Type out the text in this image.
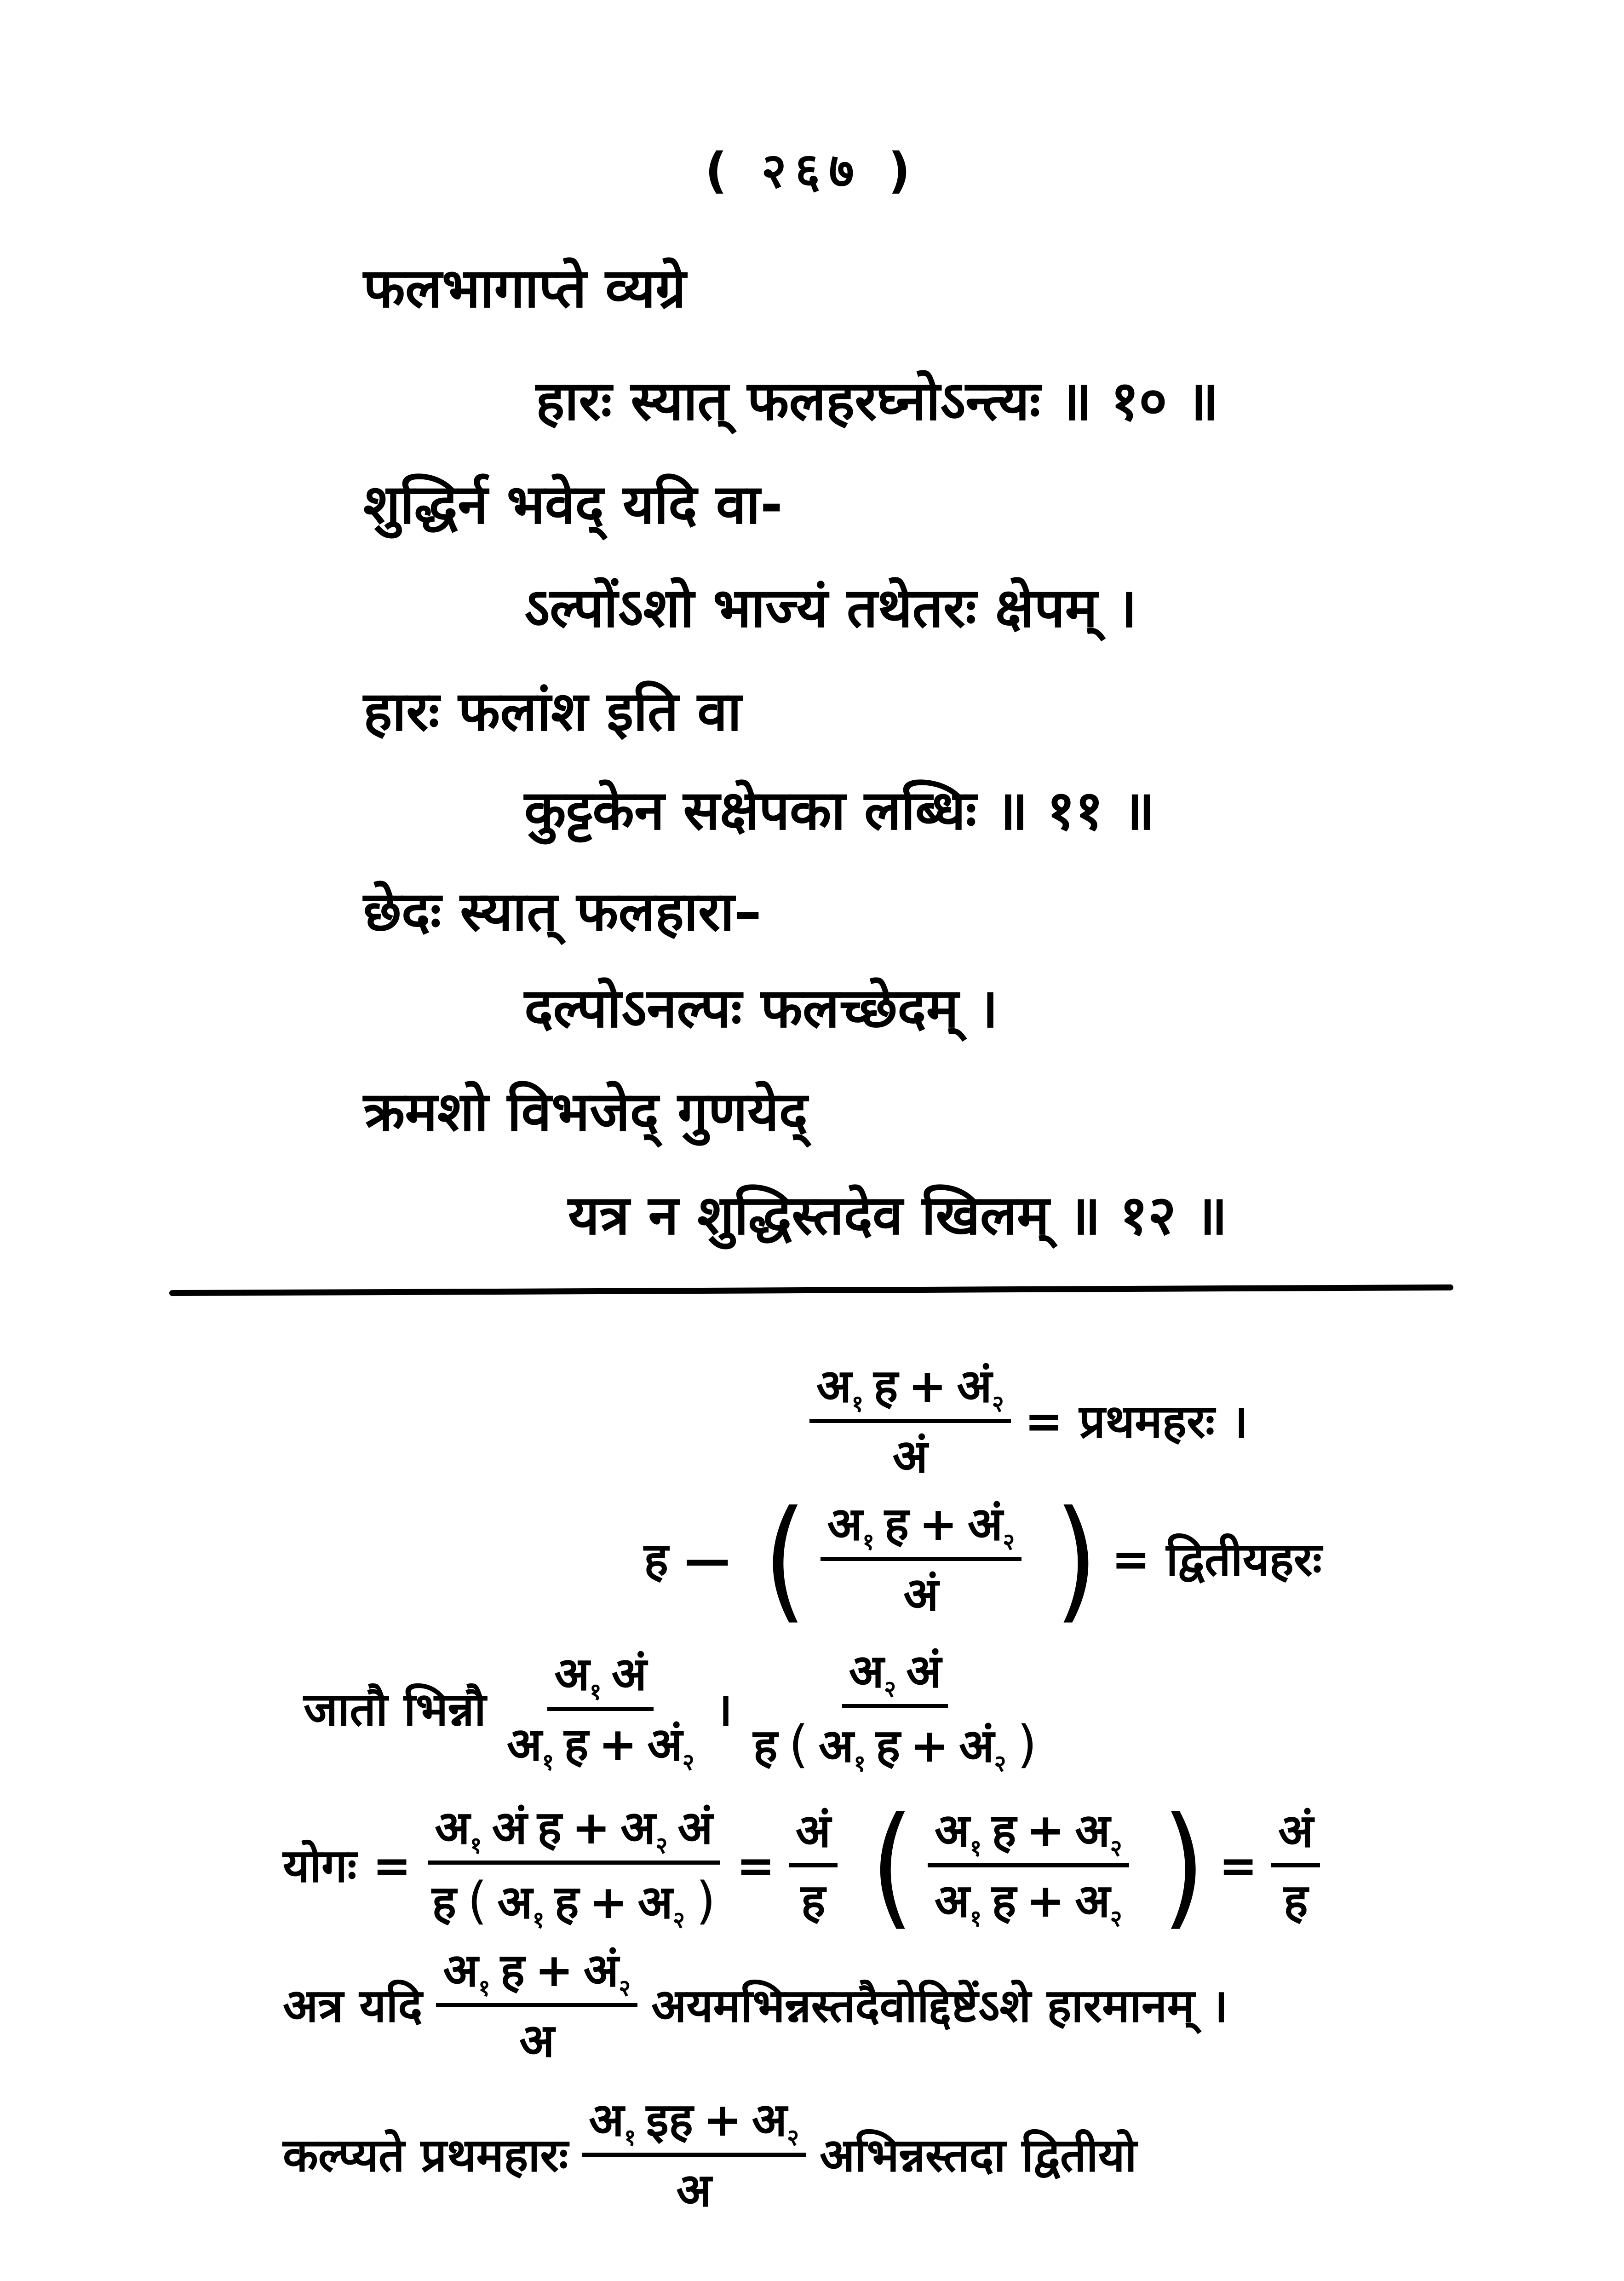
( २६७ )
फलभागाप्ते व्यग्रे
हारः स्यात् फलहरघ्नोऽन्त्यः ॥ १० ॥
शुद्धिर्न भवेद् यदि वा-
ऽल्पोंऽशो भाज्यं तथेतरः क्षेपम् ।
हारः फलांश इति वा
कुट्टकेन सक्षेपका लब्धिः ॥ ११ ॥
छेदः स्यात् फलहारा–
दल्पोऽनल्पः फलच्छेदम् ।
क्रमशो विभजेद् गुणयेद्
यत्र न शुद्धिस्तदेव खिलम् ॥ १२ ॥
$\frac{अ_१ ह + अं_२}{\text{अं}}$ = प्रथमहरः ।
ह — ( $\frac{अ_१ ह + अं_२}{\text{अं}}$ ) = द्वितीयहरः
जातौ भिन्नौ $\frac{अ_१ अं}{अ_१ ह + अं_२}$ ।
अ$_२$ अं
ह ( अ$_१$ ह + $अं_२$ )
योगः =
अ$_१$ अं ह + अ$_२$ अं
ह ( अ$_१$ ह + अ$_२$ )
= $\frac{\text{अं}}{\text{ह}}$ ( $\frac{अ_१ ह + अ_२}{अ_१ ह + अ_२}$ ) = $\frac{\text{अं}}{\text{ह}}$
अत्र यदि $\frac{अ_१ ह + अं_२}{\text{अ}}$ अयमभिन्नस्तदैवोद्दिष्टेंऽशे हारमानम् ।
कल्प्यते प्रथमहारः $\frac{अ_१ इह + अ_२}{\text{अ}}$ अभिन्नस्तदा द्वितीयो
